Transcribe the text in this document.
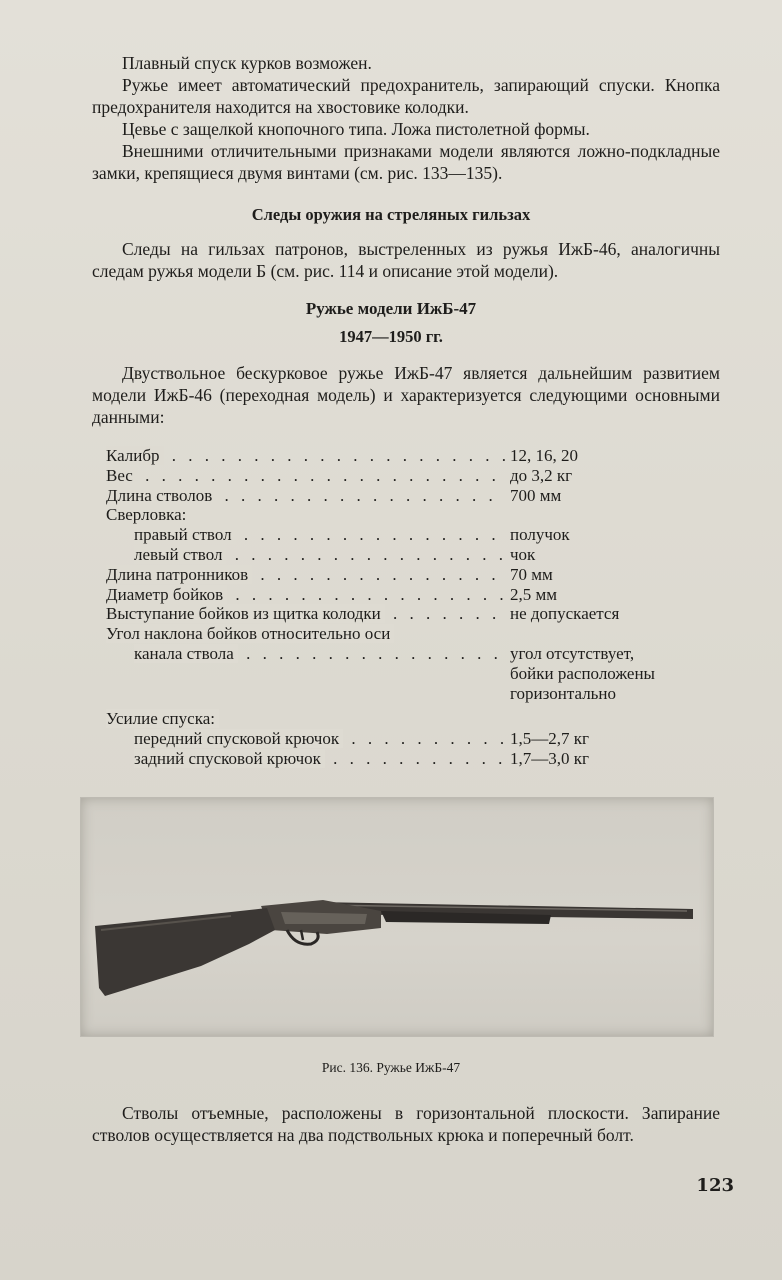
Плавный спуск курков возможен.

Ружье имеет автоматический предохранитель, запирающий спуски. Кнопка предохранителя находится на хвостовике колодки.

Цевье с защелкой кнопочного типа. Ложа пистолетной формы.

Внешними отличительными признаками модели являются ложно-подкладные замки, крепящиеся двумя винтами (см. рис. 133—135).

Следы оружия на стреляных гильзах

Следы на гильзах патронов, выстреленных из ружья ИжБ-46, аналогичны следам ружья модели Б (см. рис. 114 и описание этой модели).

Ружье модели ИжБ-47
1947—1950 гг.

Двуствольное бескурковое ружье ИжБ-47 является дальнейшим развитием модели ИжБ-46 (переходная модель) и характеризуется следующими основными данными:

Калибр . . .	12, 16, 20
Вес . . .	до 3,2 кг
Длина стволов . . .	700 мм
Сверловка:
правый ствол . . .	получок
левый ствол . . .	чок
Длина патронников . . .	70 мм
Диаметр бойков . . .	2,5 мм
Выступание бойков из щитка колодки . . .	не допускается
Угол наклона бойков относительно оси
канала ствола . . .	угол отсутствует,
бойки расположены
горизонтально
Усилие спуска:
передний спусковой крючок . . .	1,5—2,7 кг
задний спусковой крючок . . .	1,7—3,0 кг
Рис. 136. Ружье ИжБ-47

Стволы отъемные, расположены в горизонтальной плоскости. Запирание стволов осуществляется на два подствольных крюка и поперечный болт.

123
